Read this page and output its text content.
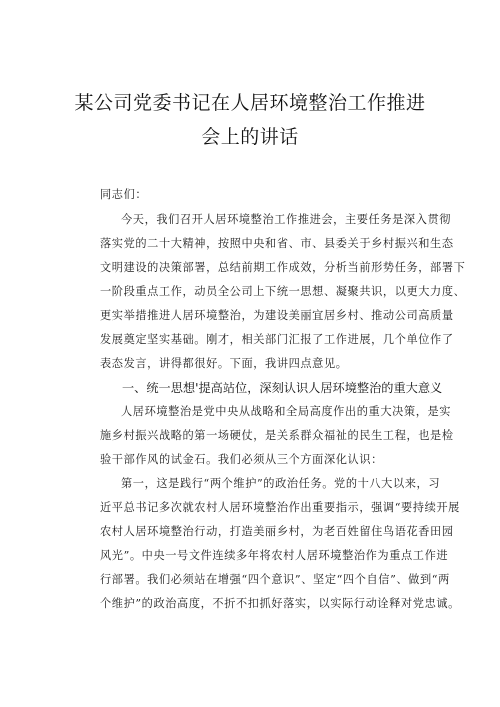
某公司党委书记在人居环境整治工作推进
会上的讲话
同志们：
今天，我们召开人居环境整治工作推进会，主要任务是深入贯彻
落实党的二十大精神，按照中央和省、市、县委关于乡村振兴和生态
文明建设的决策部署，总结前期工作成效，分析当前形势任务，部署下
一阶段重点工作，动员全公司上下统一思想、凝聚共识，以更大力度、
更实举措推进人居环境整治，为建设美丽宜居乡村、推动公司高质量
发展奠定坚实基础。刚才，相关部门汇报了工作进展，几个单位作了
表态发言，讲得都很好。下面，我讲四点意见。
一、统一思想'提高站位，深刻认识人居环境整治的重大意义
人居环境整治是党中央从战略和全局高度作出的重大决策，是实
施乡村振兴战略的第一场硬仗，是关系群众福祉的民生工程，也是检
验干部作风的试金石。我们必须从三个方面深化认识：
第一，这是践行“两个维护”的政治任务。党的十八大以来，习
近平总书记多次就农村人居环境整治作出重要指示，强调“要持续开展
农村人居环境整治行动，打造美丽乡村，为老百姓留住鸟语花香田园
风光”。中央一号文件连续多年将农村人居环境整治作为重点工作进
行部署。我们必须站在增强“四个意识”、坚定“四个自信”、做到“两
个维护”的政治高度，不折不扣抓好落实，以实际行动诠释对党忠诚。
